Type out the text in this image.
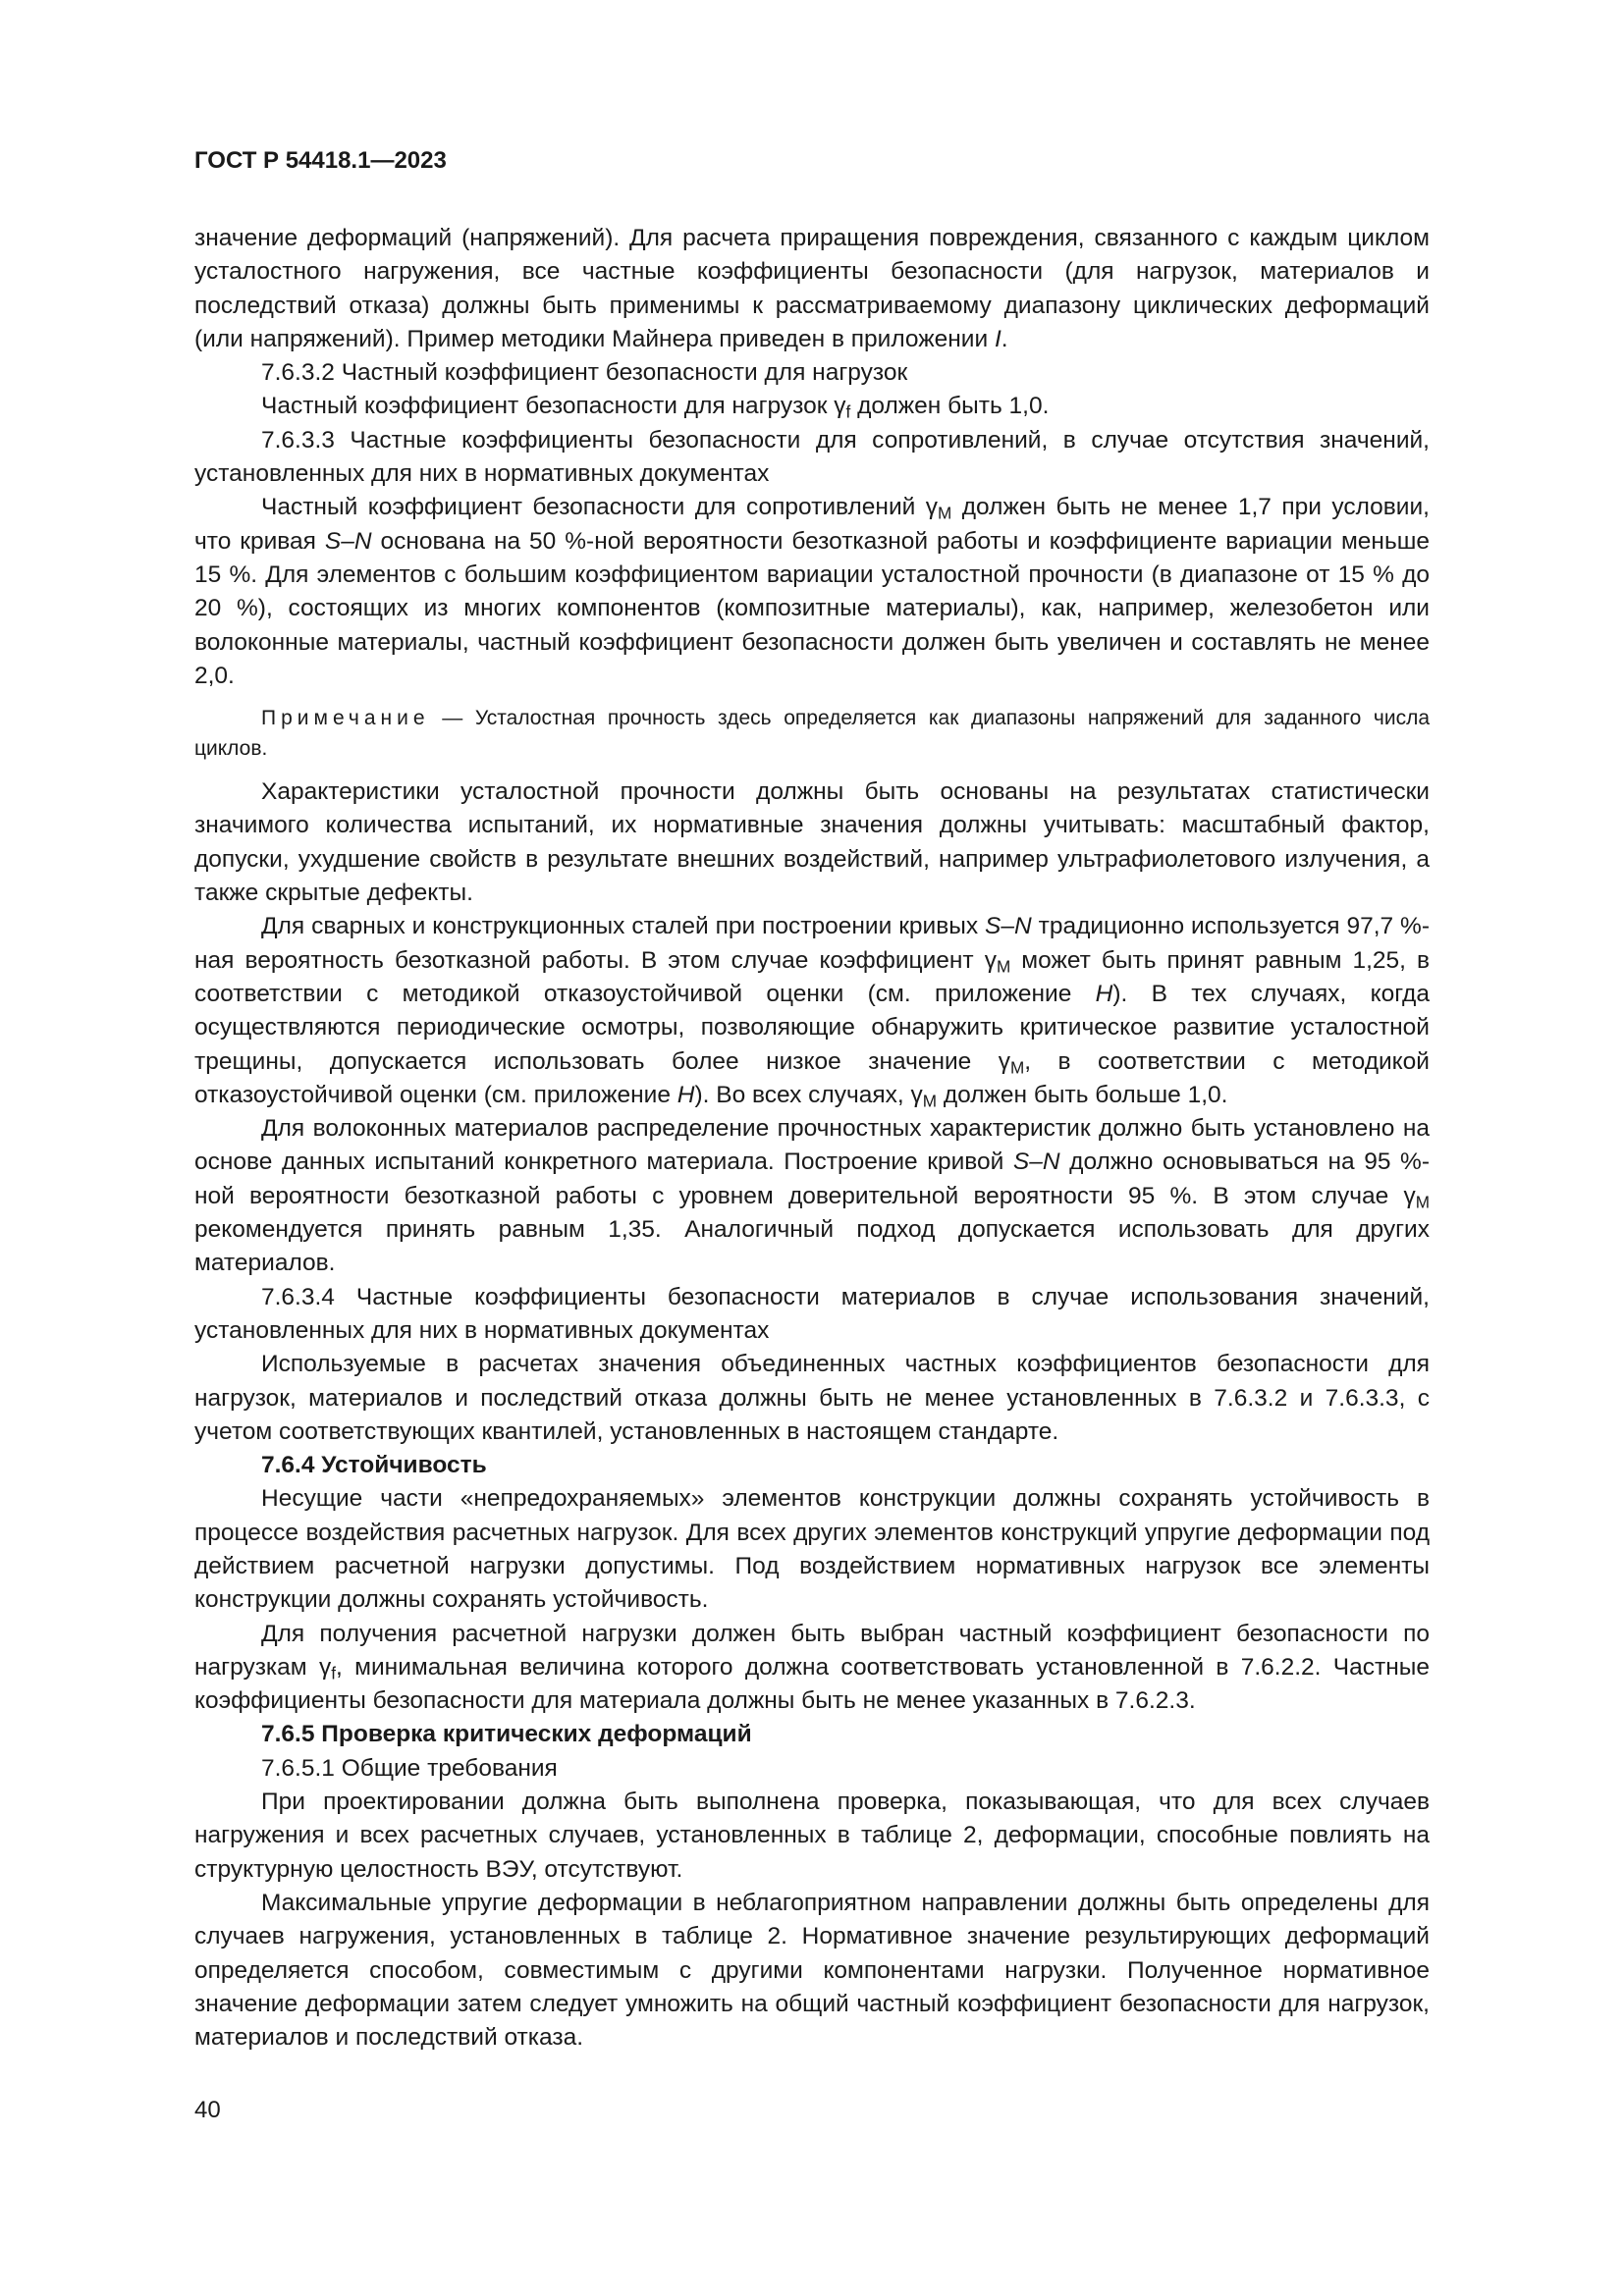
ГОСТ Р 54418.1—2023

значение деформаций (напряжений). Для расчета приращения повреждения, связанного с каждым циклом усталостного нагружения, все частные коэффициенты безопасности (для нагрузок, материалов и последствий отказа) должны быть применимы к рассматриваемому диапазону циклических деформаций (или напряжений). Пример методики Майнера приведен в приложении I.

7.6.3.2 Частный коэффициент безопасности для нагрузок

Частный коэффициент безопасности для нагрузок $\gamma_f$ должен быть 1,0.

7.6.3.3 Частные коэффициенты безопасности для сопротивлений, в случае отсутствия значений, установленных для них в нормативных документах

Частный коэффициент безопасности для сопротивлений $\gamma_M$ должен быть не менее 1,7 при условии, что кривая S–N основана на 50 %-ной вероятности безотказной работы и коэффициенте вариации меньше 15 %. Для элементов с большим коэффициентом вариации усталостной прочности (в диапазоне от 15 % до 20 %), состоящих из многих компонентов (композитные материалы), как, например, железобетон или волоконные материалы, частный коэффициент безопасности должен быть увеличен и составлять не менее 2,0.

Примечание — Усталостная прочность здесь определяется как диапазоны напряжений для заданного числа циклов.

Характеристики усталостной прочности должны быть основаны на результатах статистически значимого количества испытаний, их нормативные значения должны учитывать: масштабный фактор, допуски, ухудшение свойств в результате внешних воздействий, например ультрафиолетового излучения, а также скрытые дефекты.

Для сварных и конструкционных сталей при построении кривых S–N традиционно используется 97,7 %-ная вероятность безотказной работы. В этом случае коэффициент $\gamma_M$ может быть принят равным 1,25, в соответствии с методикой отказоустойчивой оценки (см. приложение H). В тех случаях, когда осуществляются периодические осмотры, позволяющие обнаружить критическое развитие усталостной трещины, допускается использовать более низкое значение $\gamma_M$, в соответствии с методикой отказоустойчивой оценки (см. приложение H). Во всех случаях, $\gamma_M$ должен быть больше 1,0.

Для волоконных материалов распределение прочностных характеристик должно быть установлено на основе данных испытаний конкретного материала. Построение кривой S–N должно основываться на 95 %-ной вероятности безотказной работы с уровнем доверительной вероятности 95 %. В этом случае $\gamma_M$ рекомендуется принять равным 1,35. Аналогичный подход допускается использовать для других материалов.

7.6.3.4 Частные коэффициенты безопасности материалов в случае использования значений, установленных для них в нормативных документах

Используемые в расчетах значения объединенных частных коэффициентов безопасности для нагрузок, материалов и последствий отказа должны быть не менее установленных в 7.6.3.2 и 7.6.3.3, с учетом соответствующих квантилей, установленных в настоящем стандарте.

7.6.4 Устойчивость

Несущие части «непредохраняемых» элементов конструкции должны сохранять устойчивость в процессе воздействия расчетных нагрузок. Для всех других элементов конструкций упругие деформации под действием расчетной нагрузки допустимы. Под воздействием нормативных нагрузок все элементы конструкции должны сохранять устойчивость.

Для получения расчетной нагрузки должен быть выбран частный коэффициент безопасности по нагрузкам $\gamma_f$, минимальная величина которого должна соответствовать установленной в 7.6.2.2. Частные коэффициенты безопасности для материала должны быть не менее указанных в 7.6.2.3.

7.6.5 Проверка критических деформаций

7.6.5.1 Общие требования

При проектировании должна быть выполнена проверка, показывающая, что для всех случаев нагружения и всех расчетных случаев, установленных в таблице 2, деформации, способные повлиять на структурную целостность ВЭУ, отсутствуют.

Максимальные упругие деформации в неблагоприятном направлении должны быть определены для случаев нагружения, установленных в таблице 2. Нормативное значение результирующих деформаций определяется способом, совместимым с другими компонентами нагрузки. Полученное нормативное значение деформации затем следует умножить на общий частный коэффициент безопасности для нагрузок, материалов и последствий отказа.

40
